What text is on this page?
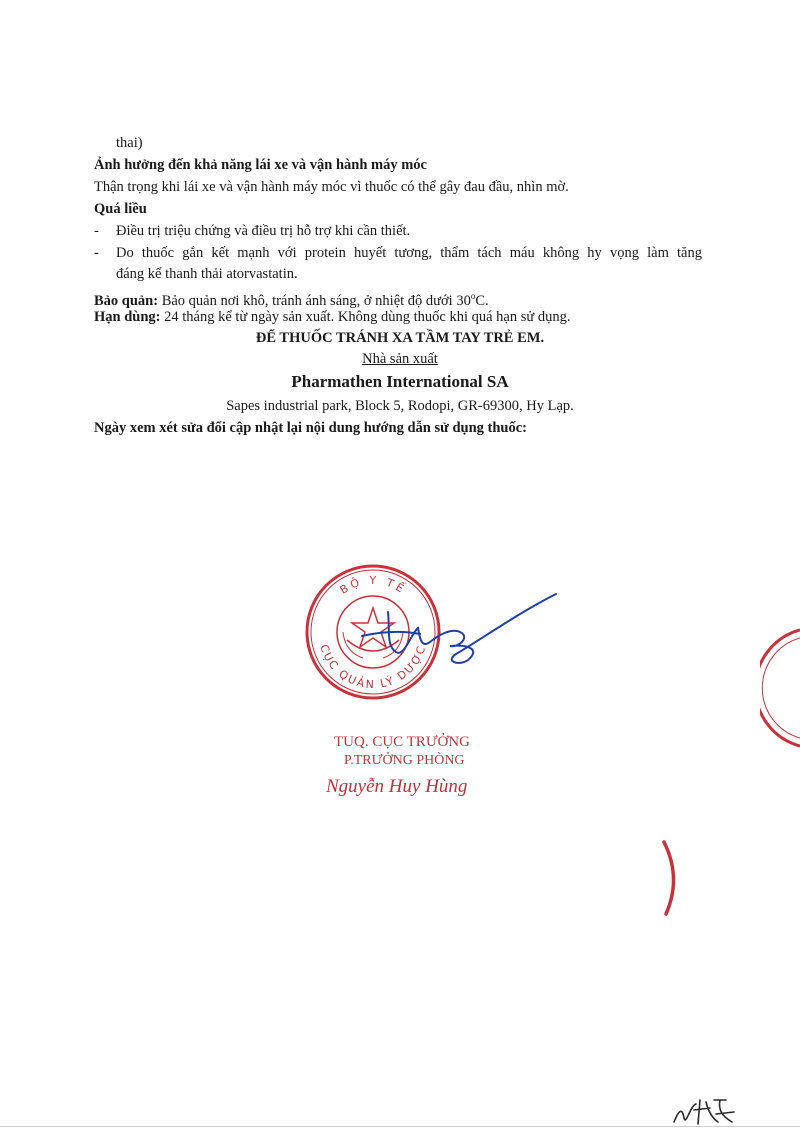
thai)
Ảnh hưởng đến khả năng lái xe và vận hành máy móc
Thận trọng khi lái xe và vận hành máy móc vì thuốc có thể gây đau đầu, nhìn mờ.
Quá liều
- Điều trị triệu chứng và điều trị hỗ trợ khi cần thiết.
- Do thuốc gắn kết mạnh với protein huyết tương, thẩm tách máu không hy vọng làm tăng
đáng kể thanh thải atorvastatin.
Bảo quản: Bảo quản nơi khô, tránh ánh sáng, ở nhiệt độ dưới 30$^o$C.
Hạn dùng: 24 tháng kể từ ngày sản xuất. Không dùng thuốc khi quá hạn sử dụng.
ĐỂ THUỐC TRÁNH XA TẦM TAY TRẺ EM.
Nhà sản xuất
Pharmathen International SA
Sapes industrial park, Block 5, Rodopi, GR-69300, Hy Lạp.
Ngày xem xét sửa đổi cập nhật lại nội dung hướng dẫn sử dụng thuốc:
BỘ Y TẾ
CỤC QUẢN LÝ DƯỢC
TUQ. CỤC TRƯỞNG
P.TRƯỞNG PHÒNG
Nguyễn Huy Hùng
